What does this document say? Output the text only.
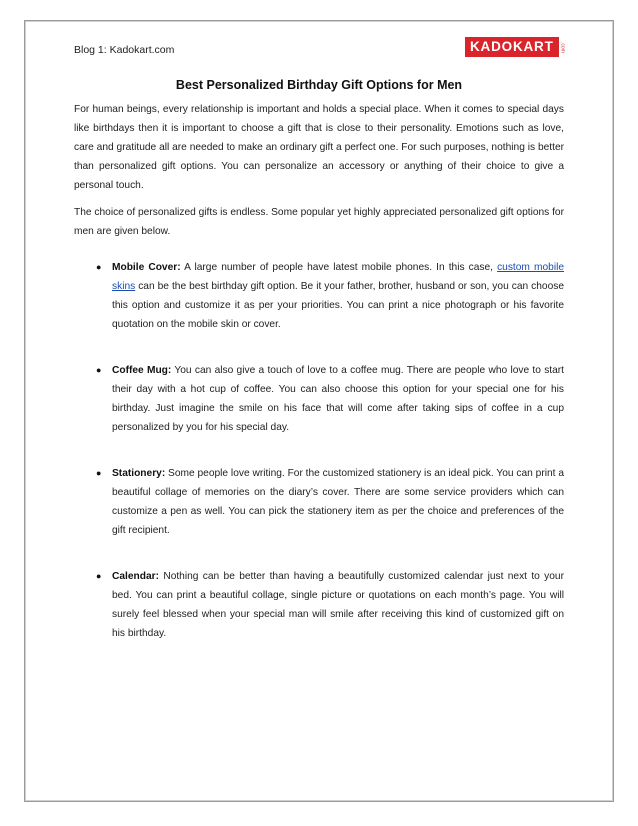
Blog 1: Kadokart.com	KADOKART	.com
Best Personalized Birthday Gift Options for Men

For human beings, every relationship is important and holds a special place. When it comes to special days like birthdays then it is important to choose a gift that is close to their personality. Emotions such as love, care and gratitude all are needed to make an ordinary gift a perfect one. For such purposes, nothing is better than personalized gift options. You can personalize an accessory or anything of their choice to give a personal touch.

The choice of personalized gifts is endless. Some popular yet highly appreciated personalized gift options for men are given below.

● Mobile Cover: A large number of people have latest mobile phones. In this case, custom mobile skins can be the best birthday gift option. Be it your father, brother, husband or son, you can choose this option and customize it as per your priorities. You can print a nice photograph or his favorite quotation on the mobile skin or cover.
● Coffee Mug: You can also give a touch of love to a coffee mug. There are people who love to start their day with a hot cup of coffee. You can also choose this option for your special one for his birthday. Just imagine the smile on his face that will come after taking sips of coffee in a cup personalized by you for his special day.
● Stationery: Some people love writing. For the customized stationery is an ideal pick. You can print a beautiful collage of memories on the diary’s cover. There are some service providers which can customize a pen as well. You can pick the stationery item as per the choice and preferences of the gift recipient.
● Calendar: Nothing can be better than having a beautifully customized calendar just next to your bed. You can print a beautiful collage, single picture or quotations on each month’s page. You will surely feel blessed when your special man will smile after receiving this kind of customized gift on his birthday.
